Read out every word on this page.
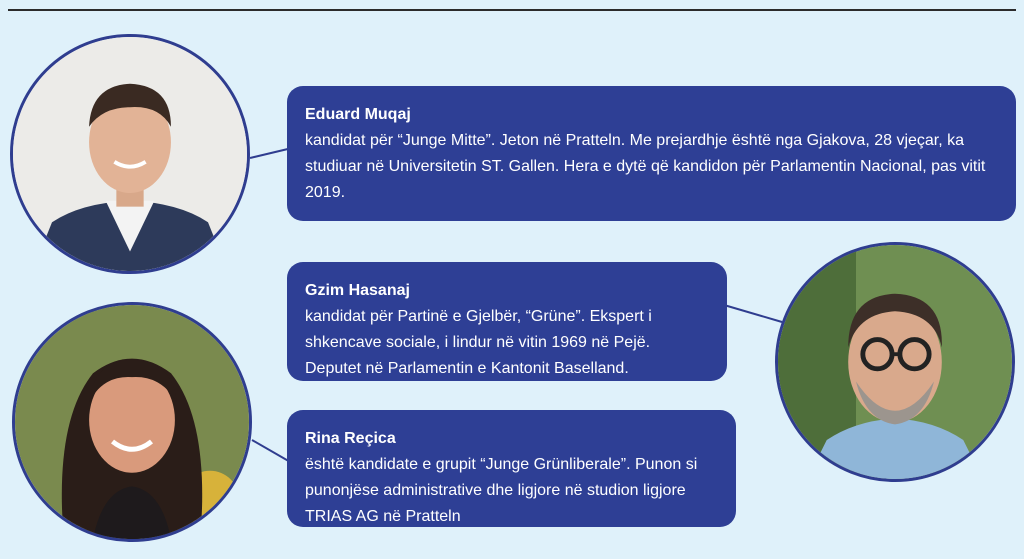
Eduard Muqaj
kandidat për “Junge Mitte”. Jeton në Pratteln. Me prejardhje është nga Gjakova, 28 vjeçar, ka studiuar në Universitetin ST. Gallen. Hera e dytë që kandidon për Parlamentin Nacional, pas vitit 2019.
Gzim Hasanaj
kandidat për Partinë e Gjelbër, “Grüne”. Ekspert i shkencave sociale, i lindur në vitin 1969 në Pejë. Deputet në Parlamentin e Kantonit Baselland.
Rina Reçica
është kandidate e grupit “Junge Grünliberale”. Punon si punonjëse administrative dhe ligjore në studion ligjore TRIAS AG në Pratteln
